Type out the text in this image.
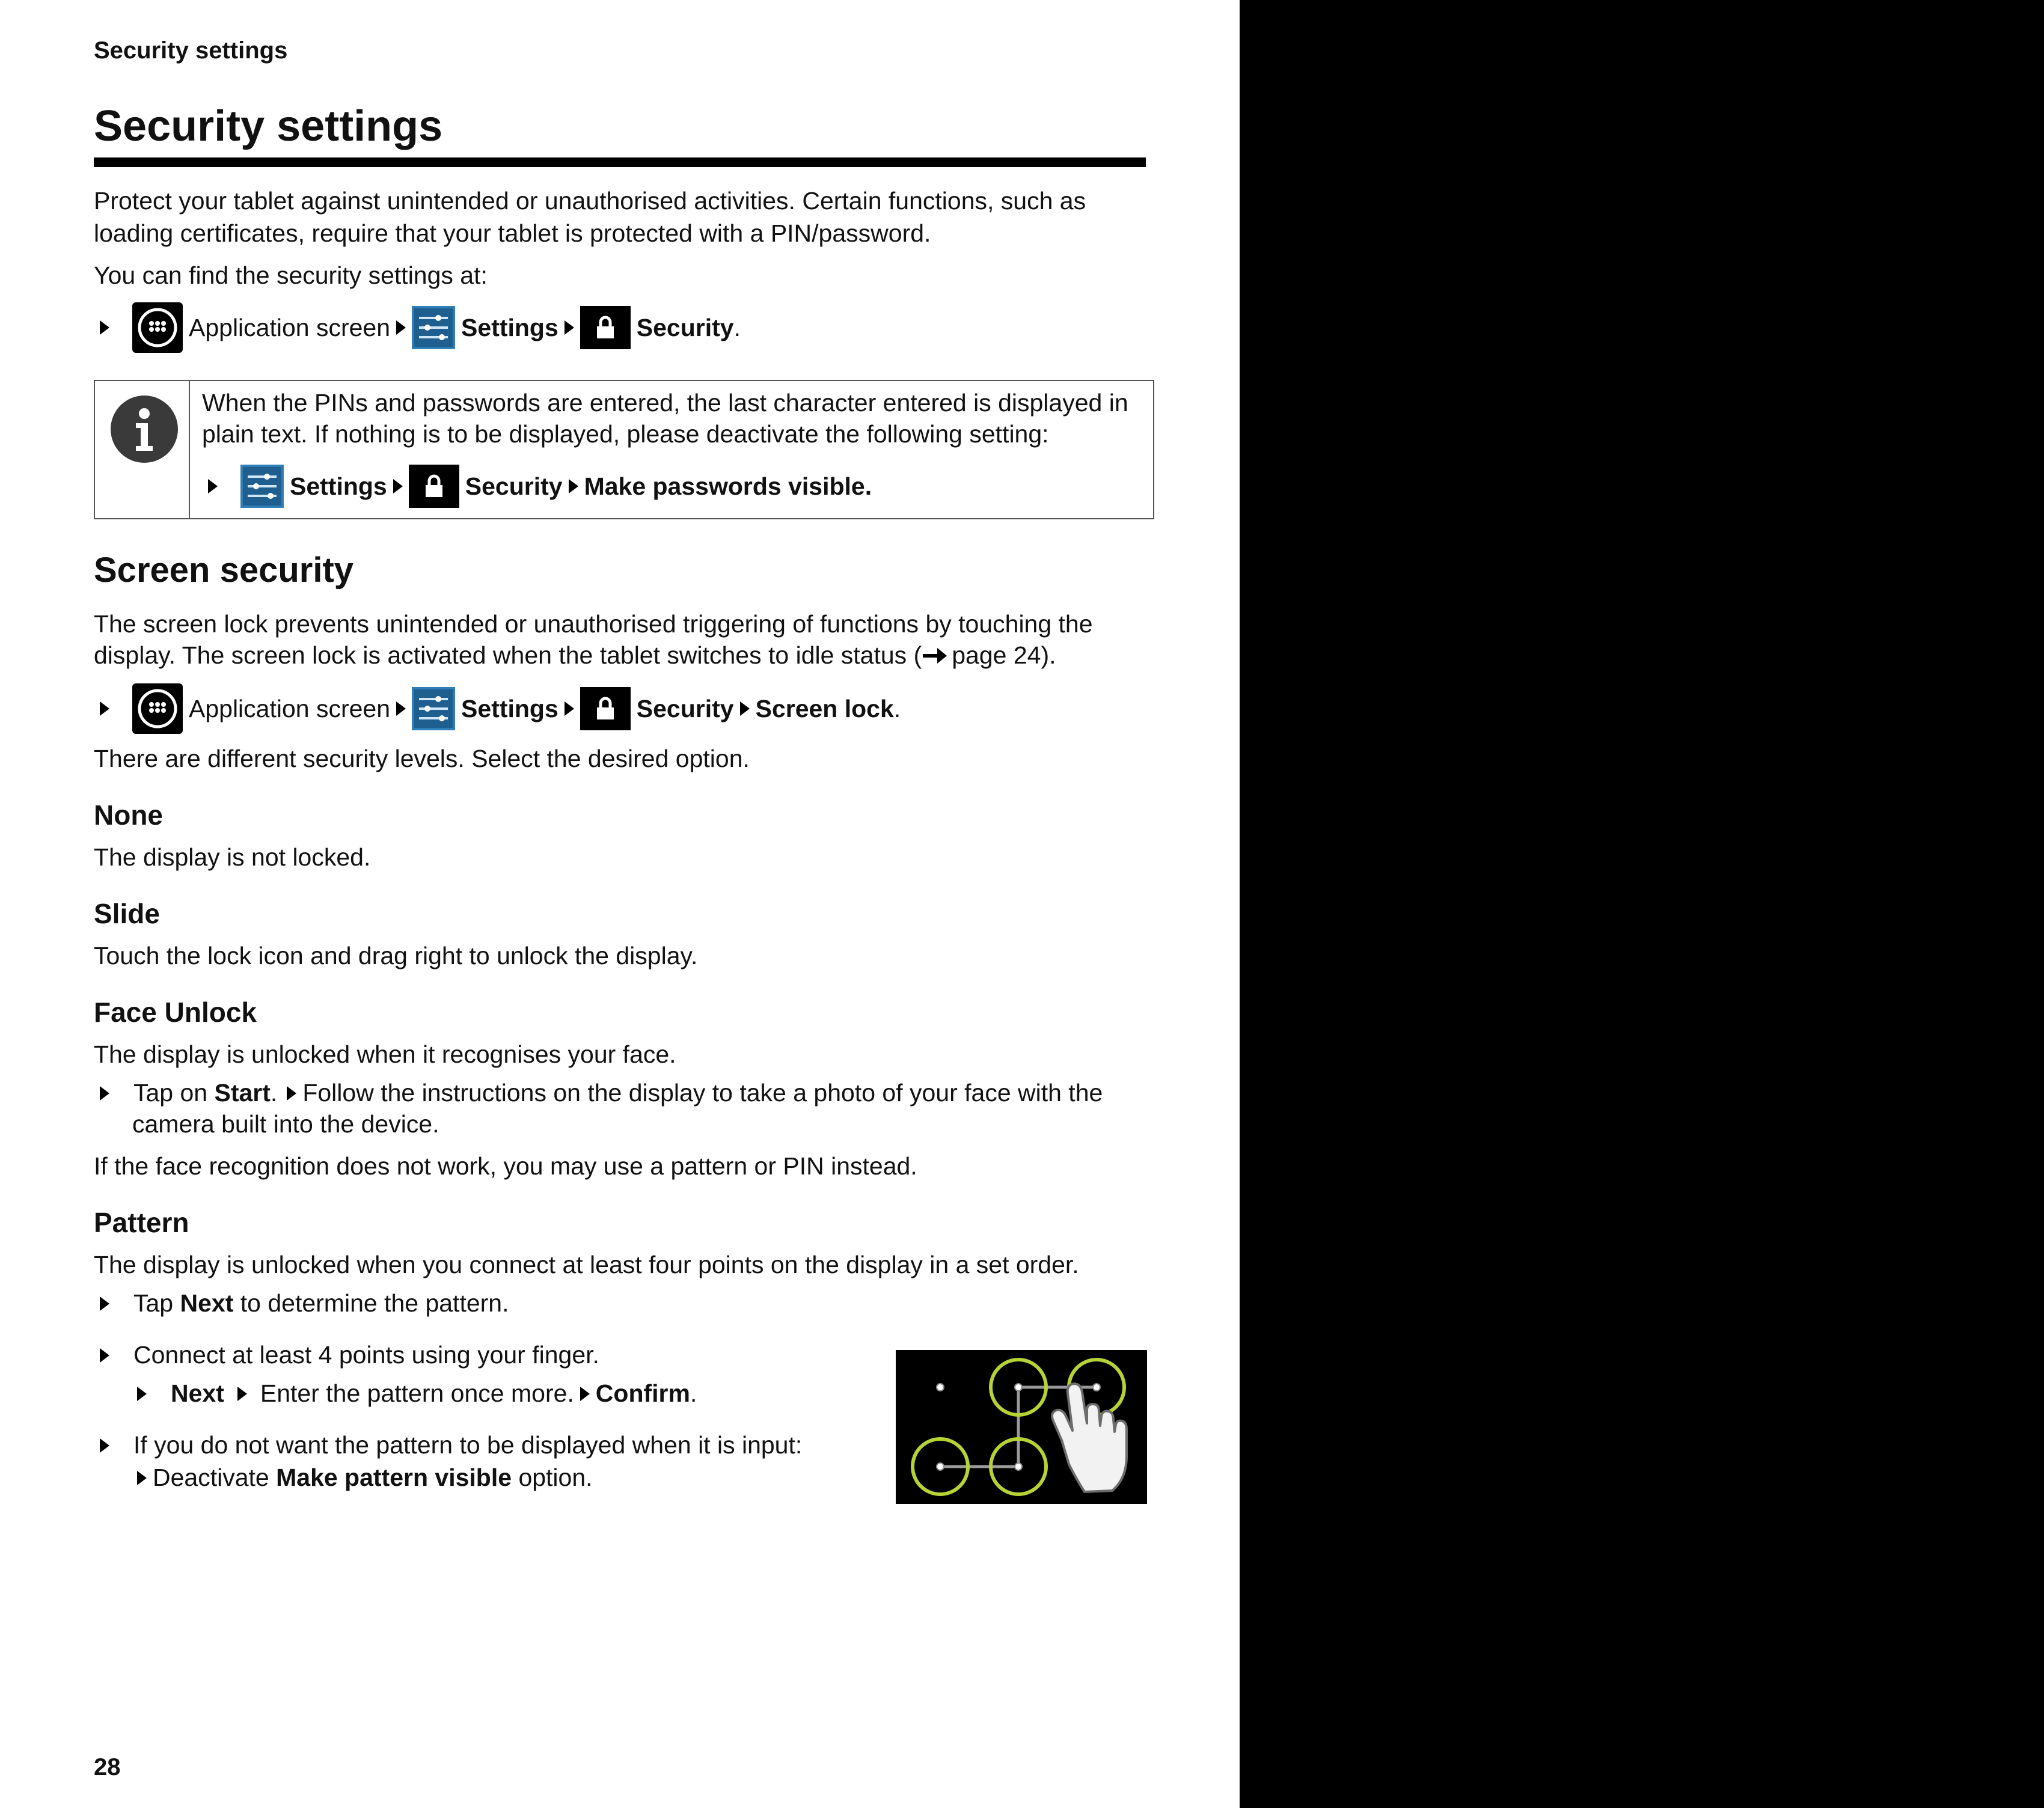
Security settings
Security settings
Protect your tablet against unintended or unauthorised activities. Certain functions, such as
loading certificates, require that your tablet is protected with a PIN/password.
You can find the security settings at:
Application screen	Settings	Security.
When the PINs and passwords are entered, the last character entered is displayed in
plain text. If nothing is to be displayed, please deactivate the following setting:
Settings	Security Make passwords visible.
Screen security
The screen lock prevents unintended or unauthorised triggering of functions by touching the
display. The screen lock is activated when the tablet switches to idle status ( page 24).
Application screen	Settings	Security Screen lock.
There are different security levels. Select the desired option.
None
The display is not locked.
Slide
Touch the lock icon and drag right to unlock the display.
Face Unlock
The display is unlocked when it recognises your face.
Tap on Start. Follow the instructions on the display to take a photo of your face with the
camera built into the device.
If the face recognition does not work, you may use a pattern or PIN instead.
Pattern
The display is unlocked when you connect at least four points on the display in a set order.
Tap Next to determine the pattern.
Connect at least 4 points using your finger.
Next Enter the pattern once more. Confirm.
If you do not want the pattern to be displayed when it is input:
Deactivate Make pattern visible option.
28
